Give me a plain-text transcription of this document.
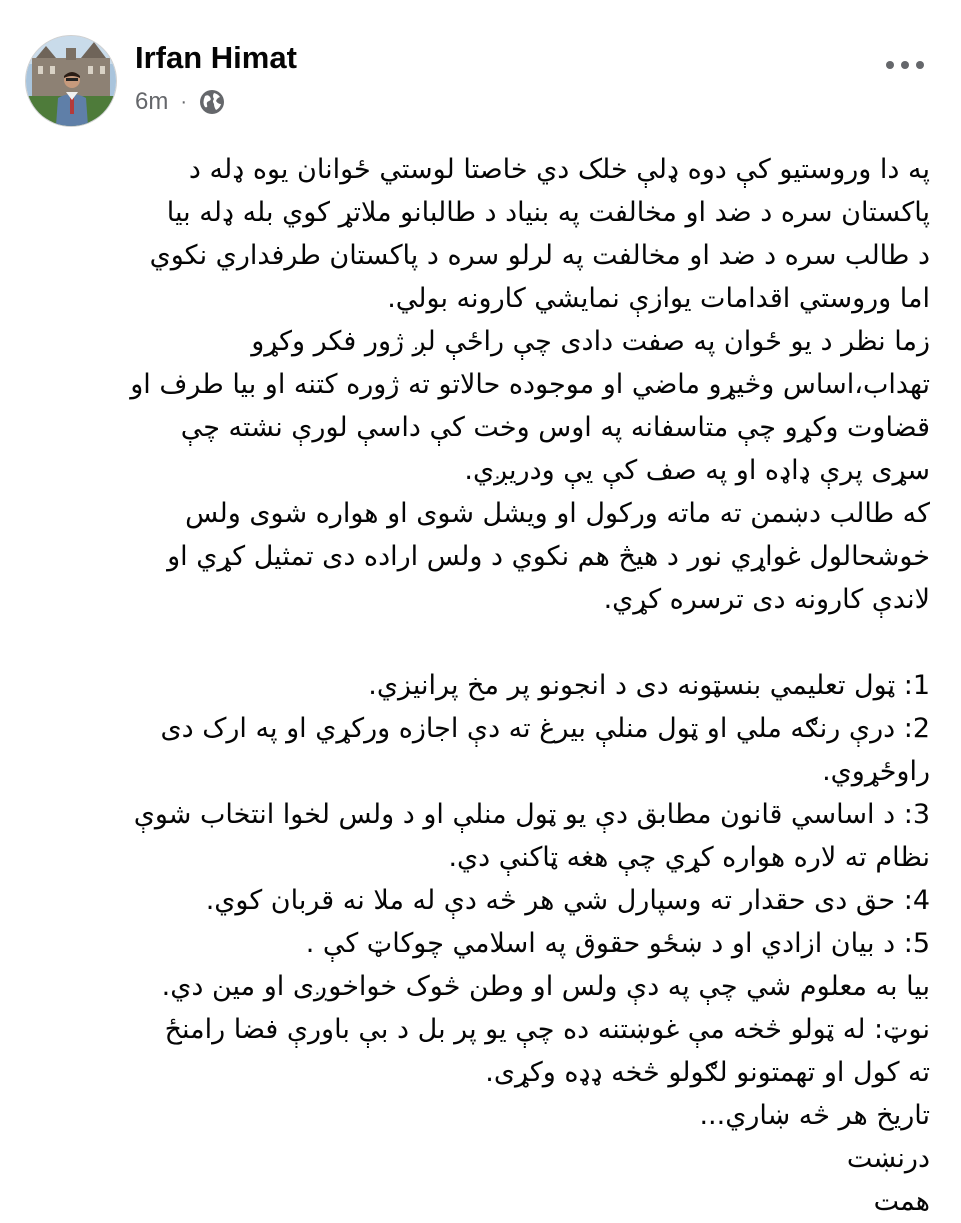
Irfan Himat
6m ·
په دا وروستیو کې دوه ډلې خلک دي خاصتا لوستي ځوانان یوه ډله د
پاکستان سره د ضد او مخالفت په بنیاد د طالبانو ملاتړ کوي بله ډله بیا
د طالب سره د ضد او مخالفت په لرلو سره د پاکستان طرفداري نکوي
اما وروستي اقدامات یوازې نمایشي کارونه بولي.
زما نظر د یو ځوان په صفت دادی چې راځې لږ ژور فکر وکړو
تهداب،اساس وڅیړو ماضي او موجوده حالاتو ته ژوره کتنه او بیا طرف او
قضاوت وکړو چې متاسفانه په اوس وخت کې داسې لورې نشته چې
سړی پرې ډاډه او په صف کې یې ودریږي.
که طالب دښمن ته ماته ورکول او ویشل شوی او هواره شوی ولس
خوشحالول غواړي نور د هیڅ هم نکوي د ولس اراده دی تمثیل کړي او
لاندې کارونه دی ترسره کړي.
1: ټول تعلیمي بنسټونه دی د انجونو پر مخ پرانیزي.
2: درې رنګه ملي او ټول منلې بیرغ ته دې اجازه ورکړي او په ارک دی
راوځړوي.
3: د اساسي قانون مطابق دې یو ټول منلې او د ولس لخوا انتخاب شوې
نظام ته لاره هواره کړي چې هغه ټاکنې دي.
4: حق دی حقدار ته وسپارل شي هر څه دې له ملا نه قربان کوي.
5: د بیان ازادي او د ښځو حقوق په اسلامي چوکاټ کې .
بیا به معلوم شي چې په دې ولس او وطن څوک خواخوږی او مین دي.
نوټ: له ټولو څخه مې غوښتنه ده چې یو پر بل د بې باورې فضا رامنځ
ته کول او تهمتونو لګولو څخه ډډه وکړی.
تاریخ هر څه ښاري...
درنښت
همت
